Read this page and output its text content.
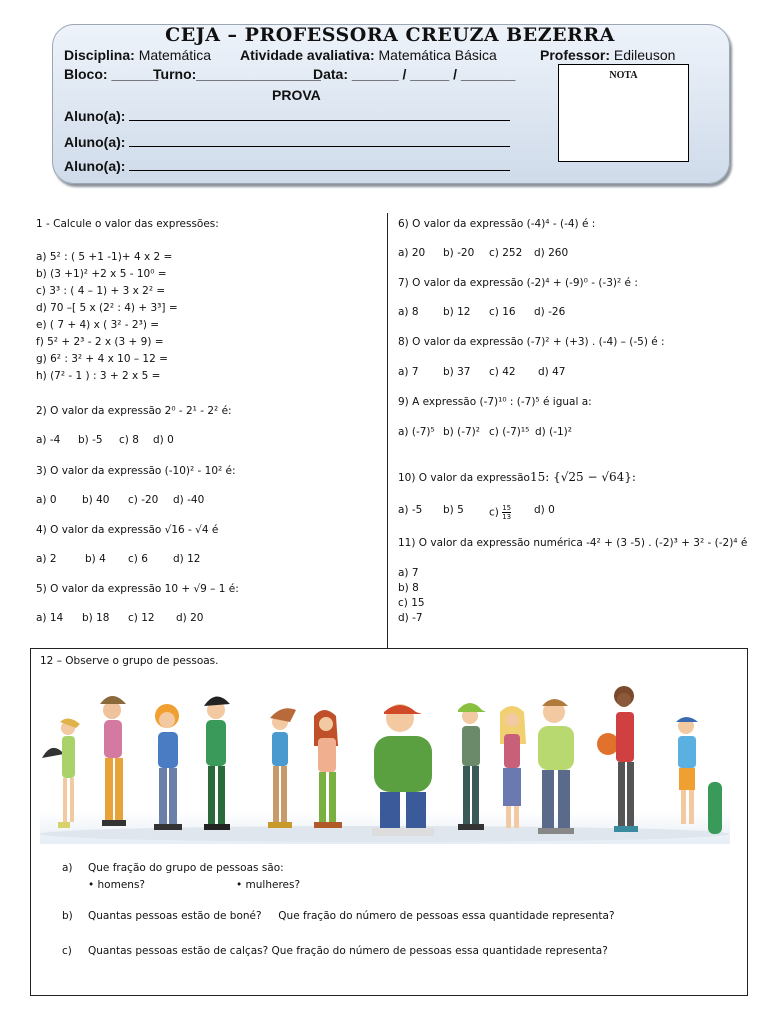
CEJA – PROFESSORA CREUZA BEZERRA
Disciplina: Matemática Atividade avaliativa: Matemática Básica	Professor: Edileuson
Bloco: ______
Turno:________________
Data: ______ / _____ / _______
PROVA
NOTA
Aluno(a):
Aluno(a):
Aluno(a):
1 - Calcule o valor das expressões:
a) 5² : ( 5 +1 -1)+ 4 x 2 =
b) (3 +1)² +2 x 5 - 10⁰ =
c) 3³ : ( 4 – 1) + 3 x 2² =
d) 70 –[ 5 x (2² : 4) + 3³] =
e) ( 7 + 4) x ( 3² - 2³) =
f) 5² + 2³ - 2 x (3 + 9) =
g) 6² : 3² + 4 x 10 – 12 =
h) (7² - 1 ) : 3 + 2 x 5 =
2) O valor da expressão 2⁰ - 2¹ - 2² é:
a) -4 b) -5 c) 8 d) 0
3) O valor da expressão (-10)² - 10² é:
a) 0 b) 40 c) -20 d) -40
4) O valor da expressão √16 - √4 é
a) 2	b) 4 c) 6 d) 12
5) O valor da expressão 10 + √9 – 1 é:
a) 14 b) 18 c) 12 d) 20
6) O valor da expressão (-4)⁴ - (-4) é :
a) 20 b) -20 c) 252 d) 260
7) O valor da expressão (-2)⁴ + (-9)⁰ - (-3)² é :
a) 8 b) 12 c) 16 d) -26
8) O valor da expressão (-7)² + (+3) . (-4) – (-5) é :
a) 7 b) 37 c) 42 d) 47
9) A expressão (-7)¹⁰ : (-7)⁵ é igual a:
a) (-7)⁵ b) (-7)² c) (-7)¹⁵ d) (-1)²
10) O valor da expressão15: {√25 − √64}:
a) -5 b) 5 $c) \frac{15}{13} d$) 0
11) O valor da expressão numérica -4² + (3 -5) . (-2)³ + 3² - (-2)⁴ é
a) 7
b) 8
c) 15
d) -7
12 – Observe o grupo de pessoas.
a) Que fração do grupo de pessoas são:
• homens?	• mulheres?
b) Quantas pessoas estão de boné?     Que fração do número de pessoas essa quantidade representa?
c) Quantas pessoas estão de calças? Que fração do número de pessoas essa quantidade representa?
